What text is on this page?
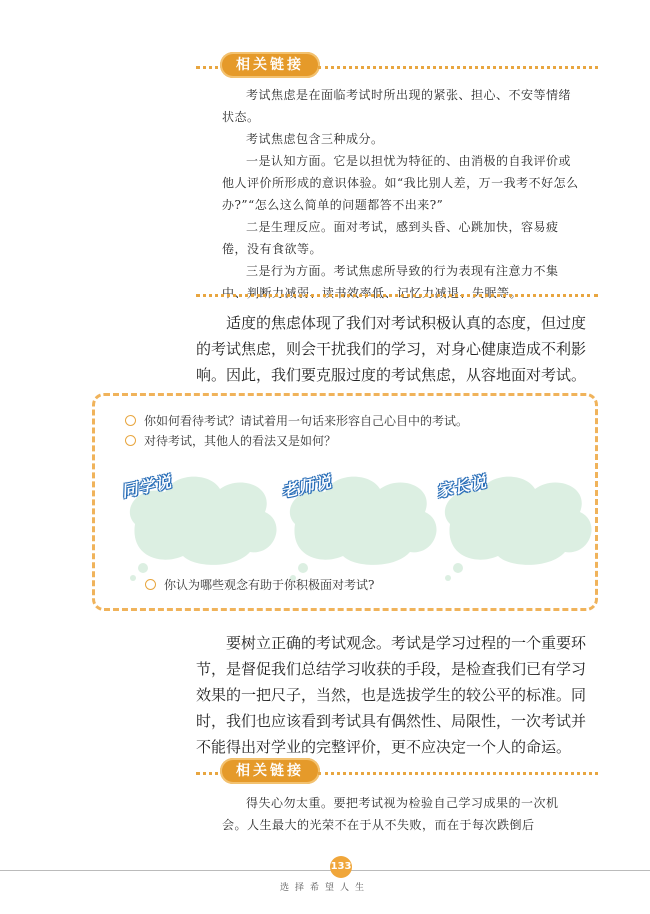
相关链接

考试焦虑是在面临考试时所出现的紧张、担心、不安等情绪状态。

考试焦虑包含三种成分。

一是认知方面。它是以担忧为特征的、由消极的自我评价或他人评价所形成的意识体验。如“我比别人差，万一我考不好怎么办?”“怎么这么简单的问题都答不出来?”

二是生理反应。面对考试，感到头昏、心跳加快，容易疲倦，没有食欲等。

三是行为方面。考试焦虑所导致的行为表现有注意力不集中、判断力减弱、读书效率低、记忆力减退、失眠等。

适度的焦虑体现了我们对考试积极认真的态度，但过度的考试焦虑，则会干扰我们的学习，对身心健康造成不利影响。因此，我们要克服过度的考试焦虑，从容地面对考试。

你如何看待考试？请试着用一句话来形容自己心目中的考试。
对待考试，其他人的看法又是如何？
同学说	老师说	家长说
你认为哪些观念有助于你积极面对考试?

要树立正确的考试观念。考试是学习过程的一个重要环节，是督促我们总结学习收获的手段，是检查我们已有学习效果的一把尺子，当然，也是选拔学生的较公平的标准。同时，我们也应该看到考试具有偶然性、局限性，一次考试并不能得出对学业的完整评价，更不应决定一个人的命运。

相关链接

得失心勿太重。要把考试视为检验自己学习成果的一次机会。人生最大的光荣不在于从不失败，而在于每次跌倒后

133
选择希望人生
